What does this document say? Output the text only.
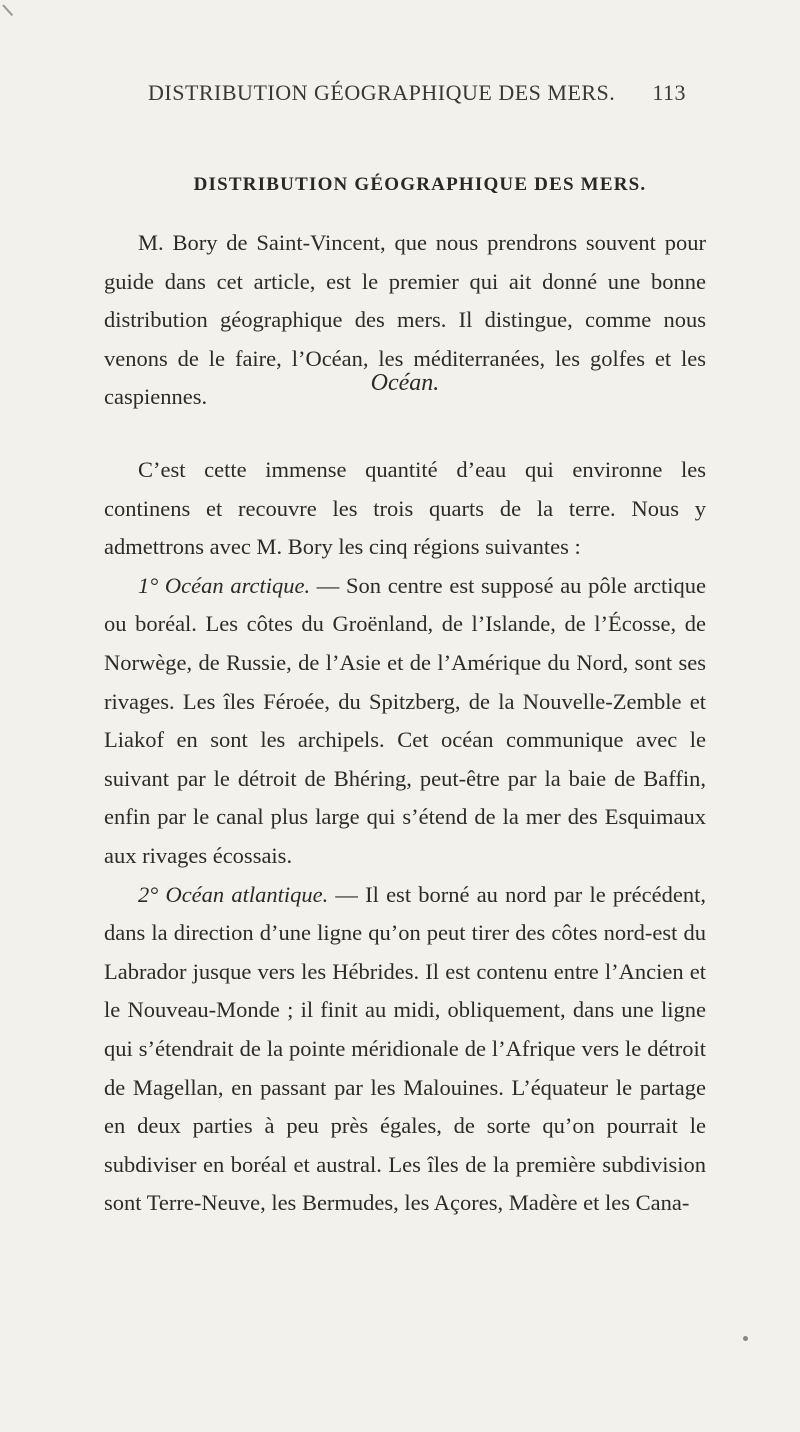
DISTRIBUTION GÉOGRAPHIQUE DES MERS. 113
DISTRIBUTION GÉOGRAPHIQUE DES MERS.

M. Bory de Saint-Vincent, que nous prendrons souvent pour guide dans cet article, est le premier qui ait donné une bonne distribution géographique des mers. Il distingue, comme nous venons de le faire, l’Océan, les méditerranées, les golfes et les caspiennes.

Océan.

C’est cette immense quantité d’eau qui environne les continens et recouvre les trois quarts de la terre. Nous y admettrons avec M. Bory les cinq régions suivantes :

1° Océan arctique. — Son centre est supposé au pôle arctique ou boréal. Les côtes du Groënland, de l’Islande, de l’Écosse, de Norwège, de Russie, de l’Asie et de l’Amérique du Nord, sont ses rivages. Les îles Féroée, du Spitzberg, de la Nouvelle-Zemble et Liakof en sont les archipels. Cet océan communique avec le suivant par le détroit de Bhéring, peut-être par la baie de Baffin, enfin par le canal plus large qui s’étend de la mer des Esquimaux aux rivages écossais.

2° Océan atlantique. — Il est borné au nord par le précédent, dans la direction d’une ligne qu’on peut tirer des côtes nord-est du Labrador jusque vers les Hébrides. Il est contenu entre l’Ancien et le Nouveau-Monde ; il finit au midi, obliquement, dans une ligne qui s’étendrait de la pointe méridionale de l’Afrique vers le détroit de Magellan, en passant par les Malouines. L’équateur le partage en deux parties à peu près égales, de sorte qu’on pourrait le subdiviser en boréal et austral. Les îles de la première subdivision sont Terre-Neuve, les Bermudes, les Açores, Madère et les Cana-
